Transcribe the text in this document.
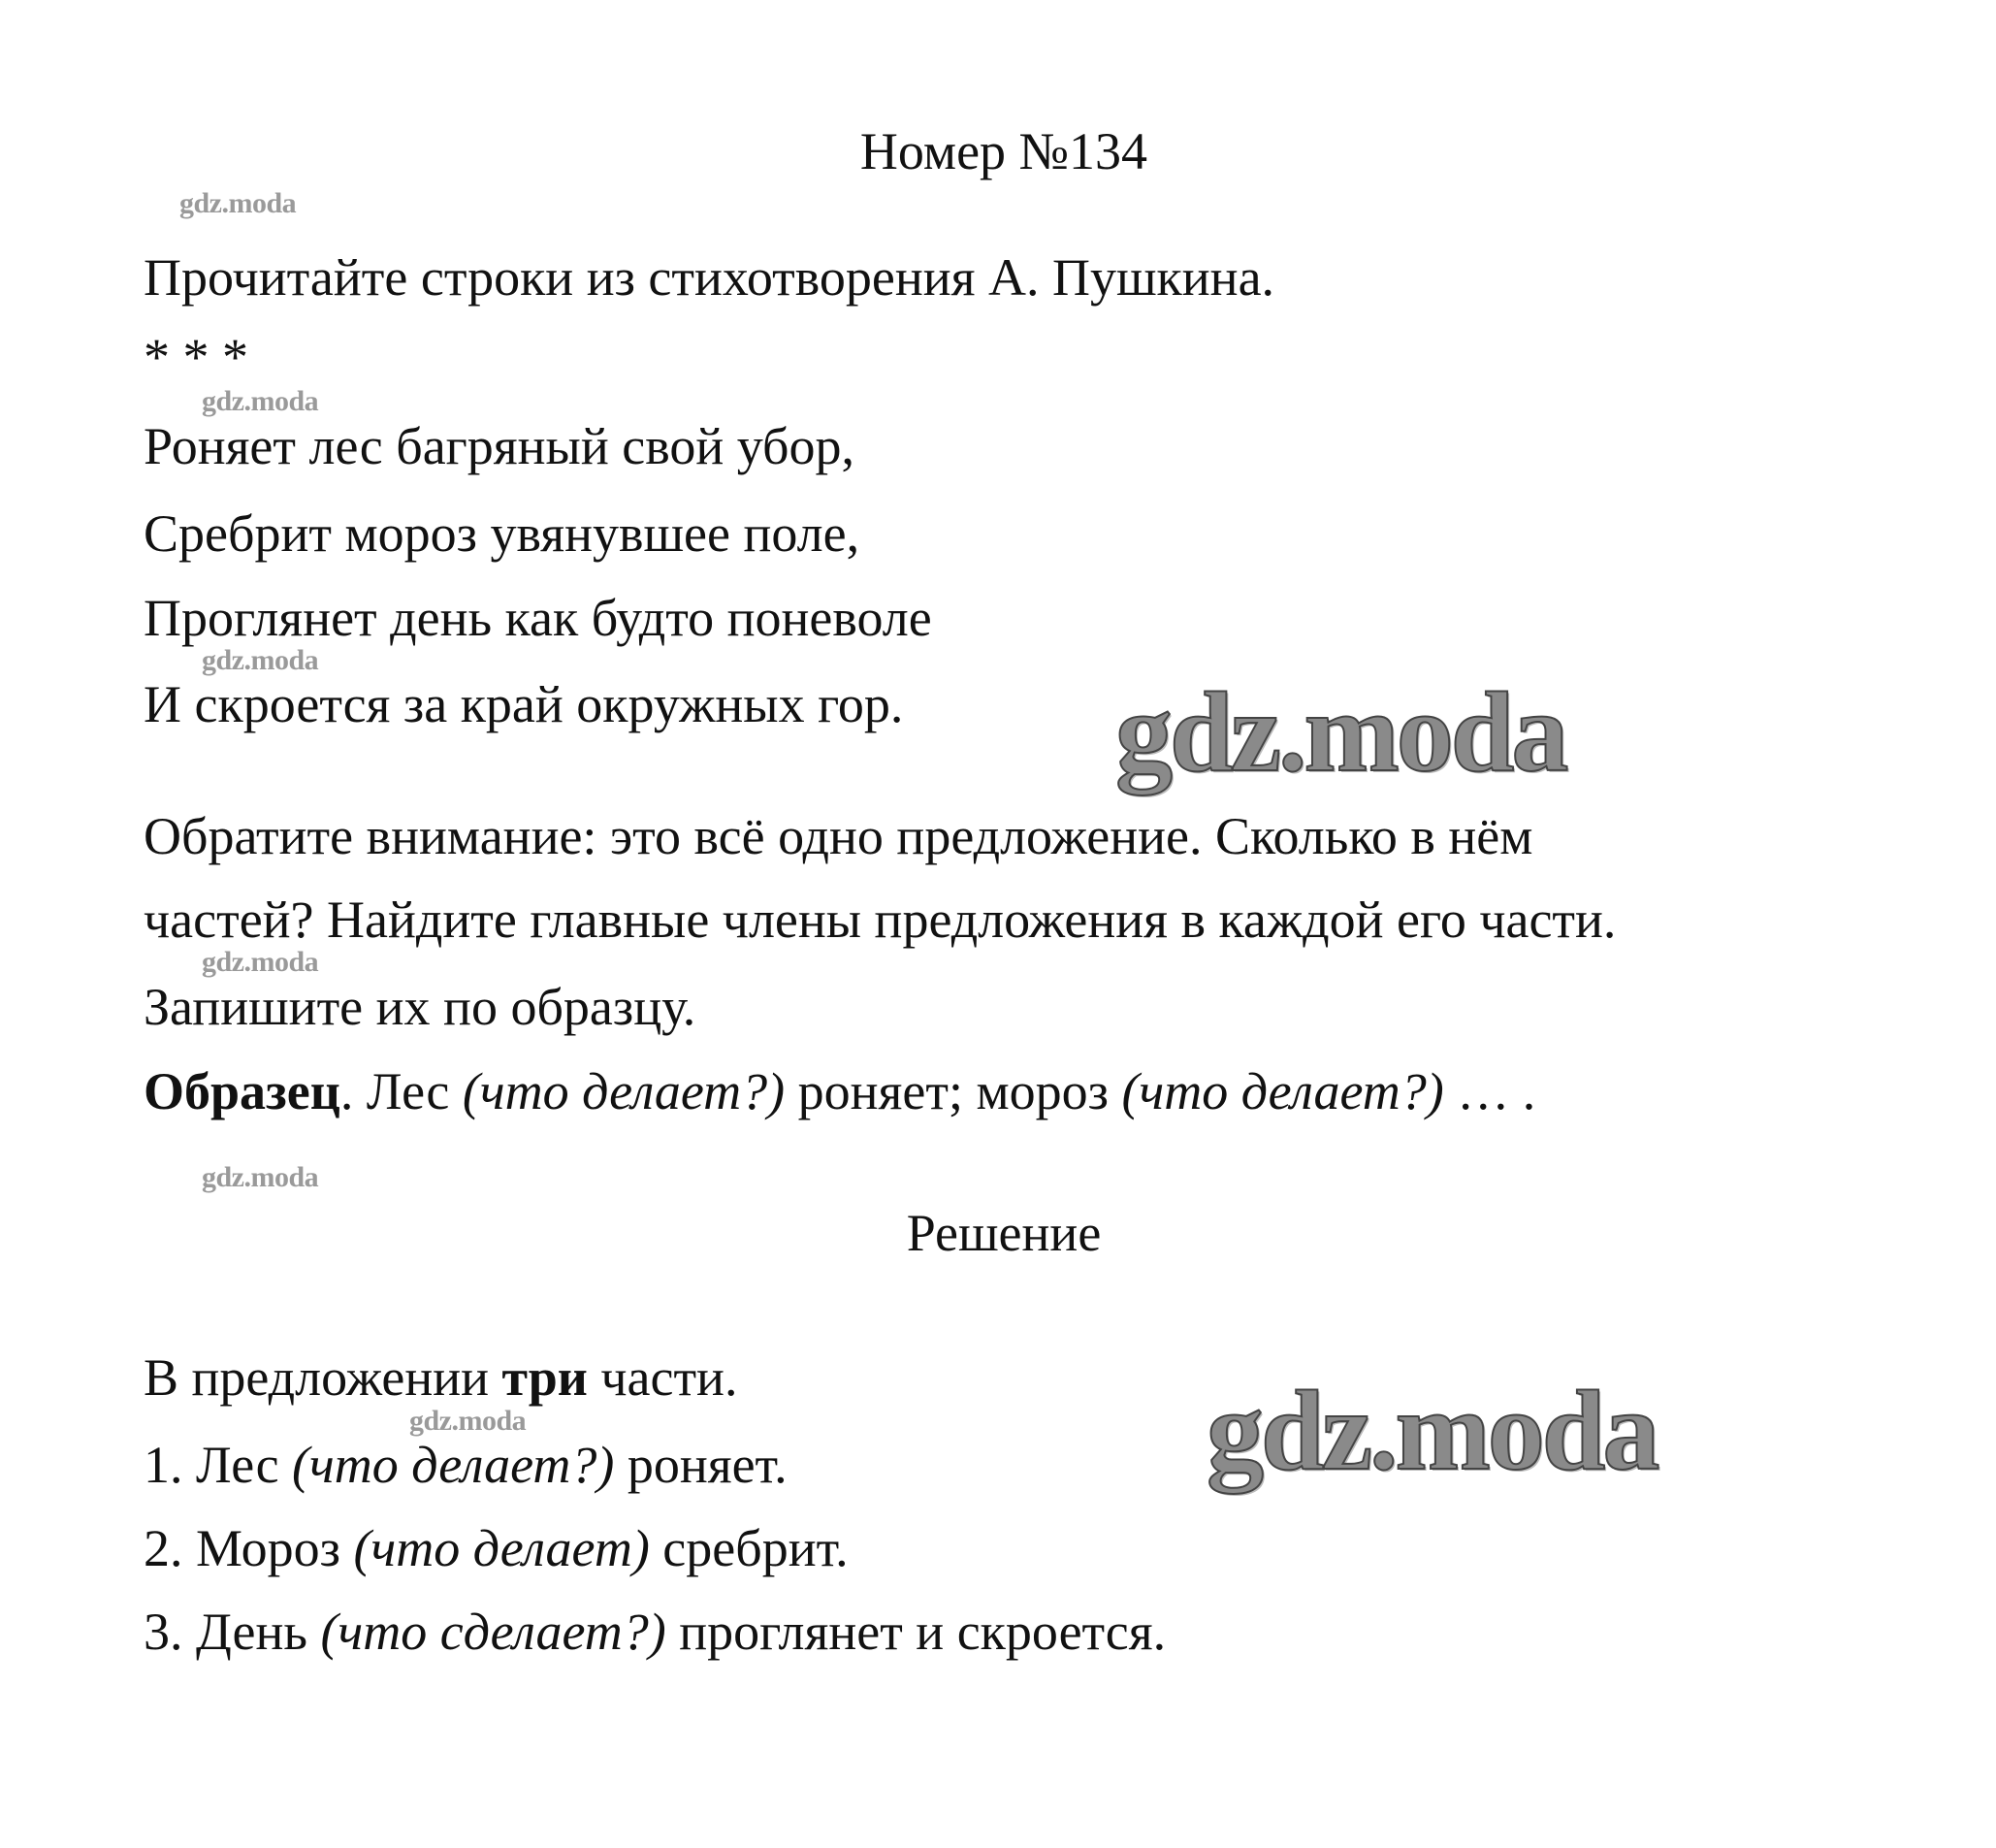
Номер №134
Прочитайте строки из стихотворения А. Пушкина.
* * *
Роняет лес багряный свой убор,
Сребрит мороз увянувшее поле,
Проглянет день как будто поневоле
И скроется за край окружных гор.
Обратите внимание: это всё одно предложение. Сколько в нём
частей? Найдите главные члены предложения в каждой его части.
Запишите их по образцу.
Образец. Лес (что делает?) роняет; мороз (что делает?) … .
Решение
В предложении три части.
1. Лес (что делает?) роняет.
2. Мороз (что делает) сребрит.
3. День (что сделает?) проглянет и скроется.
gdz.moda
gdz.moda
gdz.moda
gdz.moda
gdz.moda
gdz.moda
gdz.moda
gdz.moda
